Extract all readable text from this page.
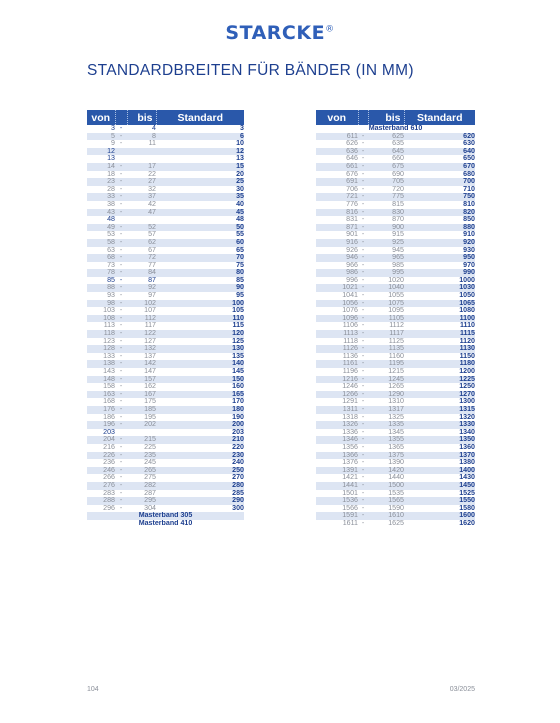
STARCKE®
STANDARDBREITEN FÜR BÄNDER (IN MM)
von		bis	Standard
3	-	4	3
5	-	8	6
9	-	11	10
12			12
13			13
14	-	17	15
18	-	22	20
23	-	27	25
28	-	32	30
33	-	37	35
38	-	42	40
43	-	47	45
48			48
49	-	52	50
53	-	57	55
58	-	62	60
63	-	67	65
68	-	72	70
73	-	77	75
78	-	84	80
85	-	87	85
88	-	92	90
93	-	97	95
98	-	102	100
103	-	107	105
108	-	112	110
113	-	117	115
118	-	122	120
123	-	127	125
128	-	132	130
133	-	137	135
138	-	142	140
143	-	147	145
148	-	157	150
158	-	162	160
163	-	167	165
168	-	175	170
176	-	185	180
186	-	195	190
196	-	202	200
203			203
204	-	215	210
216	-	225	220
226	-	235	230
236	-	245	240
246	-	265	250
266	-	275	270
276	-	282	280
283	-	287	285
288	-	295	290
296	-	304	300
Masterband 305			
Masterband 410			
von		bis	Standard
Masterband 610			
611	-	625	620
626	-	635	630
636	-	645	640
646	-	660	650
661	-	675	670
676	-	690	680
691	-	705	700
706	-	720	710
721	-	775	750
776	-	815	810
816	-	830	820
831	-	870	850
871	-	900	880
901	-	915	910
916	-	925	920
926	-	945	930
946	-	965	950
966	-	985	970
986	-	995	990
996	-	1020	1000
1021	-	1040	1030
1041	-	1055	1050
1056	-	1075	1065
1076	-	1095	1080
1096	-	1105	1100
1106	-	1112	1110
1113	-	1117	1115
1118	-	1125	1120
1126	-	1135	1130
1136	-	1160	1150
1161	-	1195	1180
1196	-	1215	1200
1216	-	1245	1225
1246	-	1265	1250
1266	-	1290	1270
1291	-	1310	1300
1311	-	1317	1315
1318	-	1325	1320
1326	-	1335	1330
1336	-	1345	1340
1346	-	1355	1350
1356	-	1365	1360
1366	-	1375	1370
1376	-	1390	1380
1391	-	1420	1400
1421	-	1440	1430
1441	-	1500	1450
1501	-	1535	1525
1536	-	1565	1550
1566	-	1590	1580
1591	-	1610	1600
1611	-	1625	1620
104	03/2025
